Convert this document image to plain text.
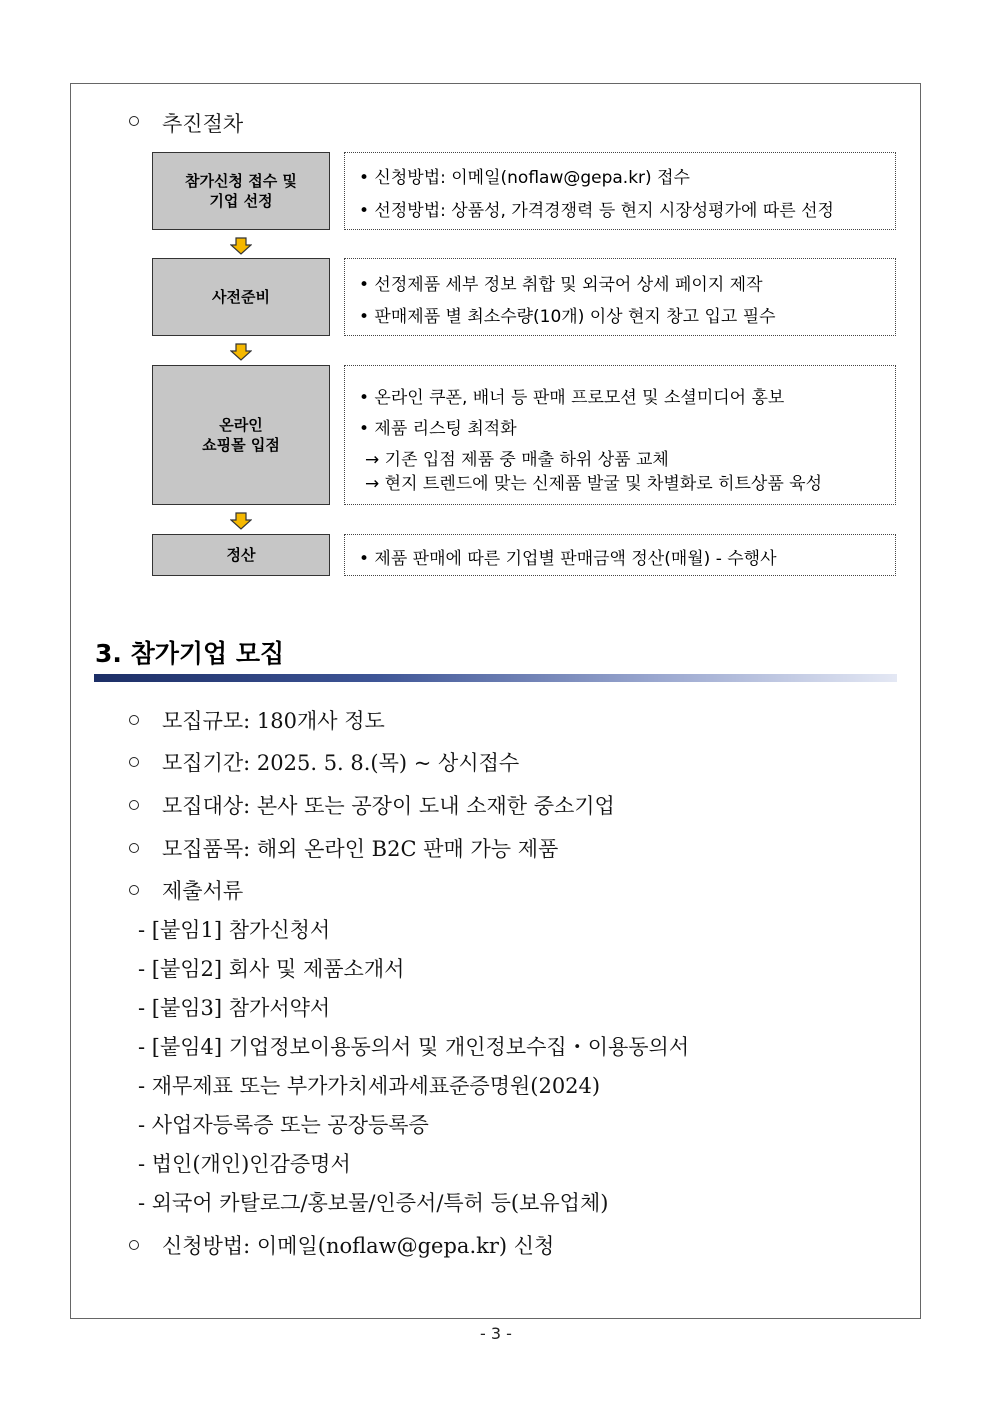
추진절차
참가신청 접수 및
기업 선정
• 신청방법: 이메일(noflaw@gepa.kr) 접수
• 선정방법: 상품성, 가격경쟁력 등 현지 시장성평가에 따른 선정
사전준비
• 선정제품 세부 정보 취합 및 외국어 상세 페이지 제작
• 판매제품 별 최소수량(10개) 이상 현지 창고 입고 필수
온라인
쇼핑몰 입점
• 온라인 쿠폰, 배너 등 판매 프로모션 및 소셜미디어 홍보
• 제품 리스팅 최적화
→ 기존 입점 제품 중 매출 하위 상품 교체
→ 현지 트렌드에 맞는 신제품 발굴 및 차별화로 히트상품 육성
정산	• 제품 판매에 따른 기업별 판매금액 정산(매월) - 수행사
3. 참가기업 모집
모집규모: 180개사 정도
모집기간: 2025. 5. 8.(목) ~ 상시접수
모집대상: 본사 또는 공장이 도내 소재한 중소기업
모집품목: 해외 온라인 B2C 판매 가능 제품
제출서류
- [붙임1] 참가신청서
- [붙임2] 회사 및 제품소개서
- [붙임3] 참가서약서
- [붙임4] 기업정보이용동의서 및 개인정보수집・이용동의서
- 재무제표 또는 부가가치세과세표준증명원(2024)
- 사업자등록증 또는 공장등록증
- 법인(개인)인감증명서
- 외국어 카탈로그/홍보물/인증서/특허 등(보유업체)
신청방법: 이메일(noflaw@gepa.kr) 신청
- 3 -
